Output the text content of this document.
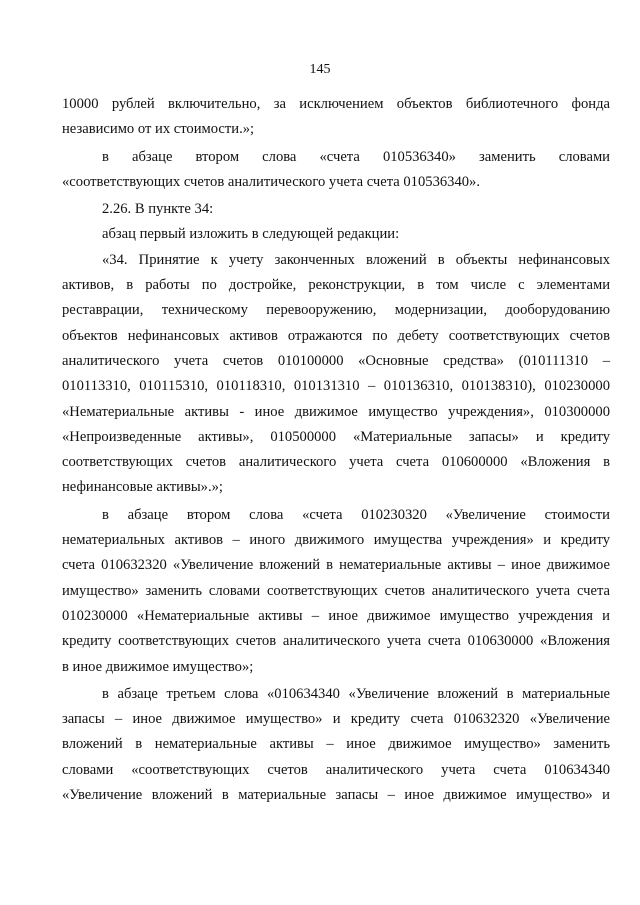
145
10000 рублей включительно, за исключением объектов библиотечного фонда
независимо от их стоимости.»;
в абзаце втором слова «счета 010536340» заменить словами
«соответствующих счетов аналитического учета счета 010536340».
2.26. В пункте 34:
абзац первый изложить в следующей редакции:
«34. Принятие к учету законченных вложений в объекты нефинансовых
активов, в работы по достройке, реконструкции, в том числе с элементами
реставрации, техническому перевооружению, модернизации, дооборудованию
объектов нефинансовых активов отражаются по дебету соответствующих счетов
аналитического учета счетов 010100000 «Основные средства» (010111310 –
010113310, 010115310, 010118310, 010131310 – 010136310, 010138310), 010230000
«Нематериальные активы - иное движимое имущество учреждения», 010300000
«Непроизведенные активы», 010500000 «Материальные запасы» и кредиту
соответствующих счетов аналитического учета счета 010600000 «Вложения в
нефинансовые активы».»;
в абзаце втором слова «счета 010230320 «Увеличение стоимости
нематериальных активов – иного движимого имущества учреждения» и кредиту
счета 010632320 «Увеличение вложений в нематериальные активы – иное движимое
имущество» заменить словами соответствующих счетов аналитического учета счета
010230000 «Нематериальные активы – иное движимое имущество учреждения и
кредиту соответствующих счетов аналитического учета счета 010630000 «Вложения
в иное движимое имущество»;
в абзаце третьем слова «010634340 «Увеличение вложений в материальные
запасы – иное движимое имущество» и кредиту счета 010632320 «Увеличение
вложений в нематериальные активы – иное движимое имущество» заменить
словами «соответствующих счетов аналитического учета счета 010634340
«Увеличение вложений в материальные запасы – иное движимое имущество» и
